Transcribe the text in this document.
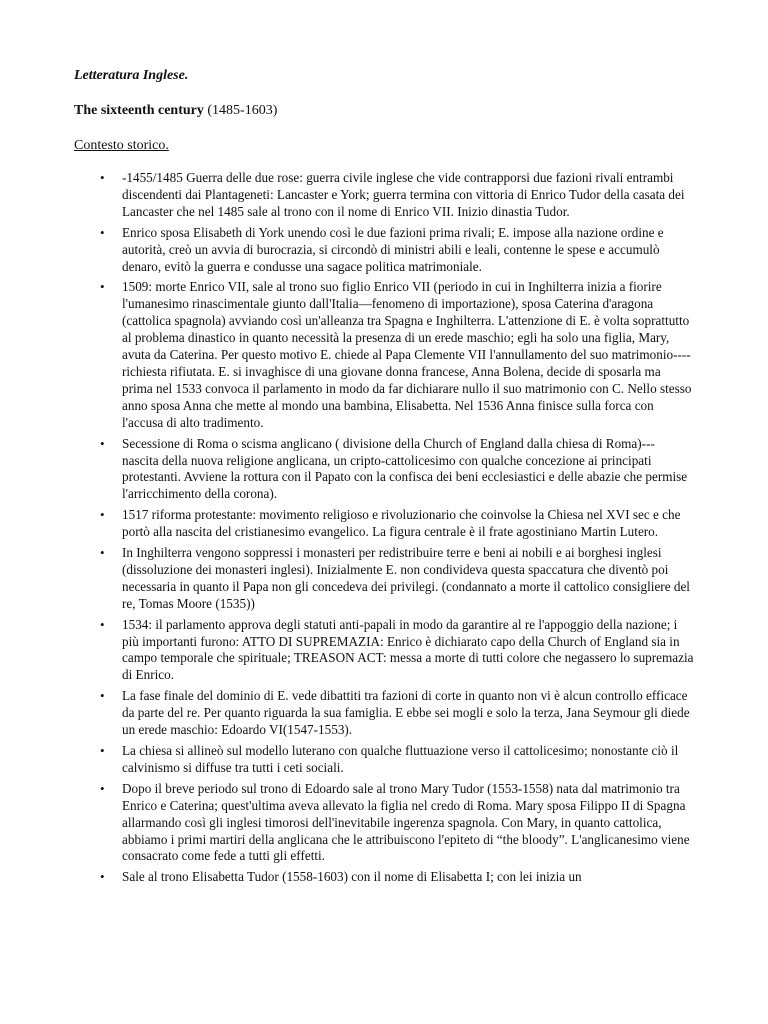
Letteratura Inglese.

The sixteenth century (1485-1603)

Contesto storico.

• -1455/1485 Guerra delle due rose: guerra civile inglese che vide contrapporsi due fazioni rivali entrambi discendenti dai Plantageneti: Lancaster e York; guerra termina con vittoria di Enrico Tudor della casata dei Lancaster che nel 1485 sale al trono con il nome di Enrico VII. Inizio dinastia Tudor.
• Enrico sposa Elisabeth di York unendo così le due fazioni prima rivali; E. impose alla nazione ordine e autorità, creò un avvia di burocrazia, si circondò di ministri abili e leali, contenne le spese e accumulò denaro, evitò la guerra e condusse una sagace politica matrimoniale.
• 1509: morte Enrico VII, sale al trono suo figlio Enrico VII (periodo in cui in Inghilterra inizia a fiorire l'umanesimo rinascimentale giunto dall'Italia—fenomeno di importazione), sposa Caterina d'aragona (cattolica spagnola) avviando così un'alleanza tra Spagna e Inghilterra. L'attenzione di E. è volta soprattutto al problema dinastico in quanto necessità la presenza di un erede maschio; egli ha solo una figlia, Mary, avuta da Caterina. Per questo motivo E. chiede al Papa Clemente VII l'annullamento del suo matrimonio---- richiesta rifiutata. E. si invaghisce di una giovane donna francese, Anna Bolena, decide di sposarla ma prima nel 1533 convoca il parlamento in modo da far dichiarare nullo il suo matrimonio con C. Nello stesso anno sposa Anna che mette al mondo una bambina, Elisabetta. Nel 1536 Anna finisce sulla forca con l'accusa di alto tradimento.
• Secessione di Roma o scisma anglicano ( divisione della Church of England dalla chiesa di Roma)--- nascita della nuova religione anglicana, un cripto-cattolicesimo con qualche concezione ai principati protestanti. Avviene la rottura con il Papato con la confisca dei beni ecclesiastici e delle abazie che permise l'arricchimento della corona).
• 1517 riforma protestante: movimento religioso e rivoluzionario che coinvolse la Chiesa nel XVI sec e che portò alla nascita del cristianesimo evangelico. La figura centrale è il frate agostiniano Martin Lutero.
• In Inghilterra vengono soppressi i monasteri per redistribuire terre e beni ai nobili e ai borghesi inglesi (dissoluzione dei monasteri inglesi). Inizialmente E. non condivideva questa spaccatura che diventò poi necessaria in quanto il Papa non gli concedeva dei privilegi. (condannato a morte il cattolico consigliere del re, Tomas Moore (1535))
• 1534: il parlamento approva degli statuti anti-papali in modo da garantire al re l'appoggio della nazione; i più importanti furono: ATTO DI SUPREMAZIA: Enrico è dichiarato capo della Church of England sia in campo temporale che spirituale; TREASON ACT: messa a morte di tutti colore che negassero lo supremazia di Enrico.
• La fase finale del dominio di E. vede dibattiti tra fazioni di corte in quanto non vi è alcun controllo efficace da parte del re. Per quanto riguarda la sua famiglia. E ebbe sei mogli e solo la terza, Jana Seymour gli diede un erede maschio: Edoardo VI(1547-1553).
• La chiesa si allineò sul modello luterano con qualche fluttuazione verso il cattolicesimo; nonostante ciò il calvinismo si diffuse tra tutti i ceti sociali.
• Dopo il breve periodo sul trono di Edoardo sale al trono Mary Tudor (1553-1558) nata dal matrimonio tra Enrico e Caterina; quest'ultima aveva allevato la figlia nel credo di Roma. Mary sposa Filippo II di Spagna allarmando così gli inglesi timorosi dell'inevitabile ingerenza spagnola. Con Mary, in quanto cattolica, abbiamo i primi martiri della anglicana che le attribuiscono l'epiteto di “the bloody”. L'anglicanesimo viene consacrato come fede a tutti gli effetti.
• Sale al trono Elisabetta Tudor (1558-1603) con il nome di Elisabetta I; con lei inizia un
